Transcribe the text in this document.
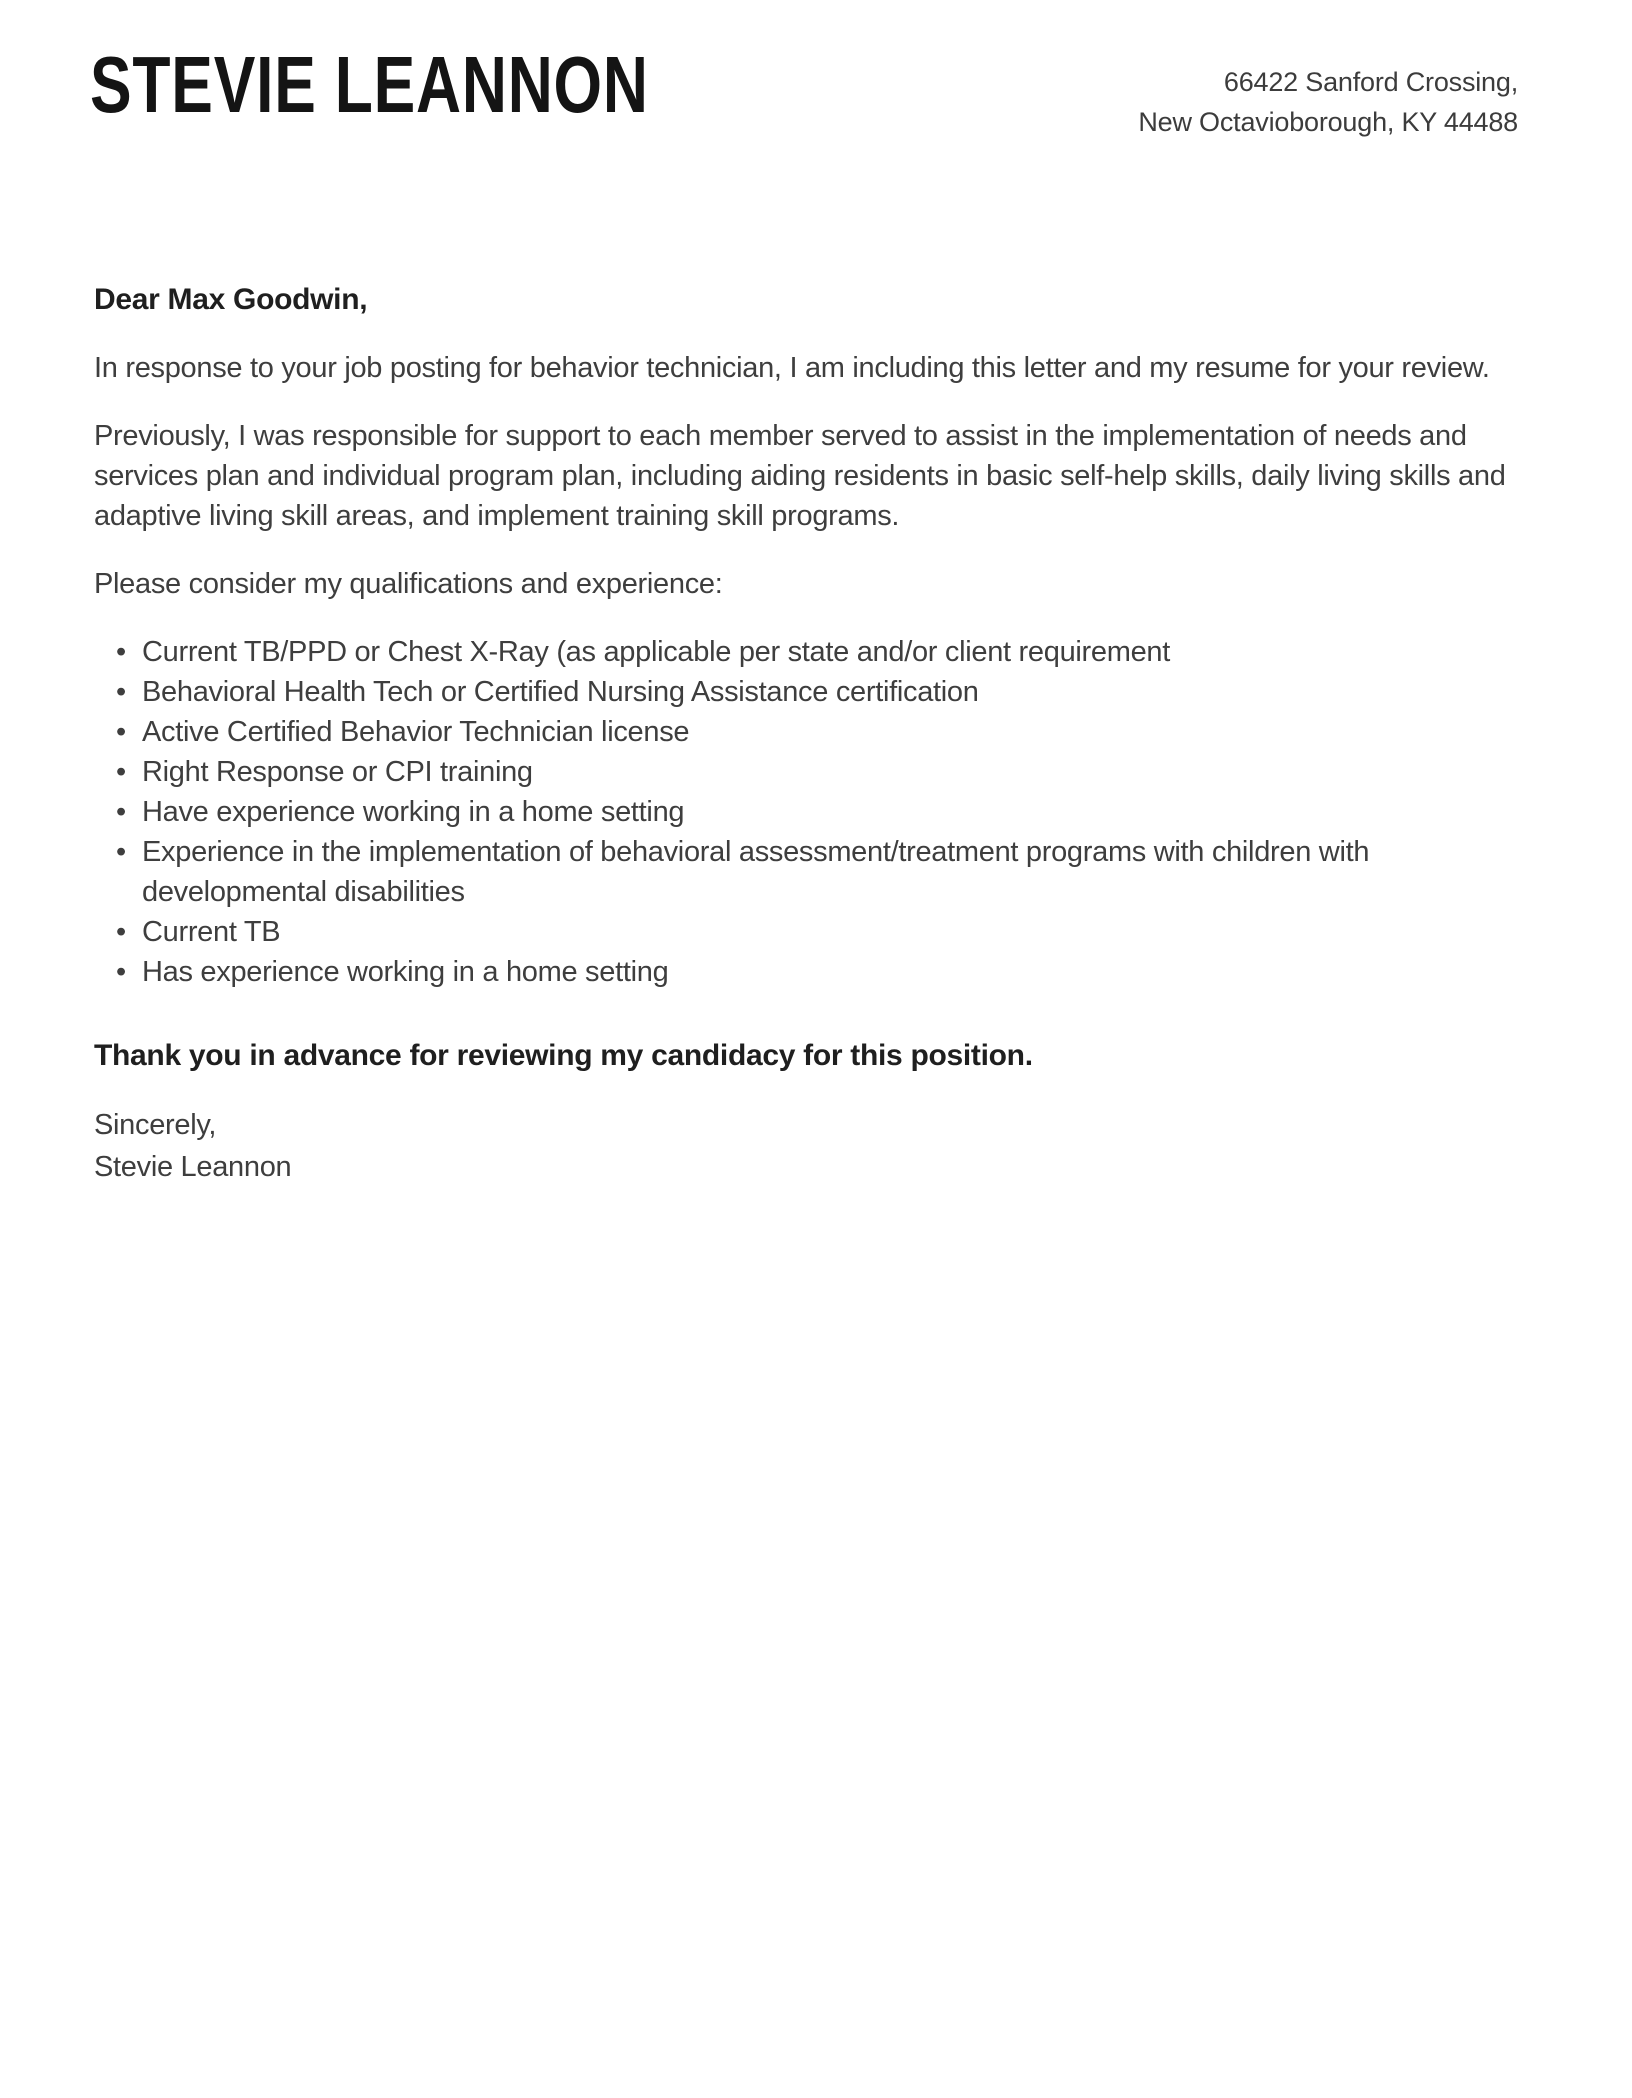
STEVIE LEANNON	66422 Sanford Crossing,
New Octavioborough, KY 44488

Dear Max Goodwin,

In response to your job posting for behavior technician, I am including this letter and my resume for your review.

Previously, I was responsible for support to each member served to assist in the implementation of needs and services plan and individual program plan, including aiding residents in basic self-help skills, daily living skills and adaptive living skill areas, and implement training skill programs.

Please consider my qualifications and experience:

• Current TB/PPD or Chest X-Ray (as applicable per state and/or client requirement
• Behavioral Health Tech or Certified Nursing Assistance certification
• Active Certified Behavior Technician license
• Right Response or CPI training
• Have experience working in a home setting
• Experience in the implementation of behavioral assessment/treatment programs with children with developmental disabilities
• Current TB
• Has experience working in a home setting

Thank you in advance for reviewing my candidacy for this position.

Sincerely,
Stevie Leannon
